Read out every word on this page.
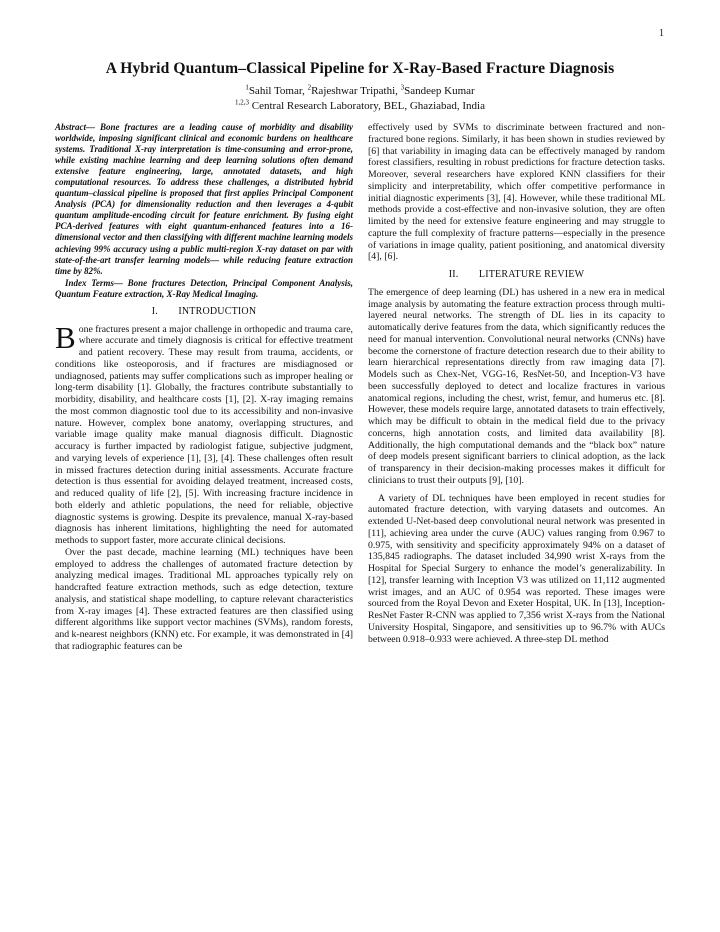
1
A Hybrid Quantum–Classical Pipeline for X-Ray-Based Fracture Diagnosis
$^1$Sahil Tomar, $^2$Rajeshwar Tripathi, $^3$Sandeep Kumar
$^{1,2,3}$ Central Research Laboratory, BEL, Ghaziabad, India

Abstract— Bone fractures are a leading cause of morbidity and disability worldwide, imposing significant clinical and economic burdens on healthcare systems. Traditional X-ray interpretation is time-consuming and error-prone, while existing machine learning and deep learning solutions often demand extensive feature engineering, large, annotated datasets, and high computational resources. To address these challenges, a distributed hybrid quantum–classical pipeline is proposed that first applies Principal Component Analysis (PCA) for dimensionality reduction and then leverages a 4-qubit quantum amplitude-encoding circuit for feature enrichment. By fusing eight PCA-derived features with eight quantum-enhanced features into a 16-dimensional vector and then classifying with different machine learning models achieving 99% accuracy using a public multi-region X-ray dataset on par with state-of-the-art transfer learning models— while reducing feature extraction time by 82%.

Index Terms— Bone fractures Detection, Principal Component Analysis, Quantum Feature extraction, X-Ray Medical Imaging.

I.  INTRODUCTION

Bone fractures present a major challenge in orthopedic and trauma care, where accurate and timely diagnosis is critical for effective treatment and patient recovery. These may result from trauma, accidents, or conditions like osteoporosis, and if fractures are misdiagnosed or undiagnosed, patients may suffer complications such as improper healing or long-term disability [1]. Globally, the fractures contribute substantially to morbidity, disability, and healthcare costs [1], [2]. X-ray imaging remains the most common diagnostic tool due to its accessibility and non-invasive nature. However, complex bone anatomy, overlapping structures, and variable image quality make manual diagnosis difficult. Diagnostic accuracy is further impacted by radiologist fatigue, subjective judgment, and varying levels of experience [1], [3], [4]. These challenges often result in missed fractures detection during initial assessments. Accurate fracture detection is thus essential for avoiding delayed treatment, increased costs, and reduced quality of life [2], [5]. With increasing fracture incidence in both elderly and athletic populations, the need for reliable, objective diagnostic systems is growing. Despite its prevalence, manual X-ray-based diagnosis has inherent limitations, highlighting the need for automated methods to support faster, more accurate clinical decisions.

Over the past decade, machine learning (ML) techniques have been employed to address the challenges of automated fracture detection by analyzing medical images. Traditional ML approaches typically rely on handcrafted feature extraction methods, such as edge detection, texture analysis, and statistical shape modelling, to capture relevant characteristics from X-ray images [4]. These extracted features are then classified using different algorithms like support vector machines (SVMs), random forests, and k-nearest neighbors (KNN) etc. For example, it was demonstrated in [4] that radiographic features can be

effectively used by SVMs to discriminate between fractured and non-fractured bone regions. Similarly, it has been shown in studies reviewed by [6] that variability in imaging data can be effectively managed by random forest classifiers, resulting in robust predictions for fracture detection tasks. Moreover, several researchers have explored KNN classifiers for their simplicity and interpretability, which offer competitive performance in initial diagnostic experiments [3], [4]. However, while these traditional ML methods provide a cost-effective and non-invasive solution, they are often limited by the need for extensive feature engineering and may struggle to capture the full complexity of fracture patterns—especially in the presence of variations in image quality, patient positioning, and anatomical diversity [4], [6].

II.  LITERATURE REVIEW

The emergence of deep learning (DL) has ushered in a new era in medical image analysis by automating the feature extraction process through multi-layered neural networks. The strength of DL lies in its capacity to automatically derive features from the data, which significantly reduces the need for manual intervention. Convolutional neural networks (CNNs) have become the cornerstone of fracture detection research due to their ability to learn hierarchical representations directly from raw imaging data [7]. Models such as Chex-Net, VGG-16, ResNet-50, and Inception-V3 have been successfully deployed to detect and localize fractures in various anatomical regions, including the chest, wrist, femur, and humerus etc. [8]. However, these models require large, annotated datasets to train effectively, which may be difficult to obtain in the medical field due to the privacy concerns, high annotation costs, and limited data availability [8]. Additionally, the high computational demands and the “black box” nature of deep models present significant barriers to clinical adoption, as the lack of transparency in their decision-making processes makes it difficult for clinicians to trust their outputs [9], [10].

A variety of DL techniques have been employed in recent studies for automated fracture detection, with varying datasets and outcomes. An extended U-Net-based deep convolutional neural network was presented in [11], achieving area under the curve (AUC) values ranging from 0.967 to 0.975, with sensitivity and specificity approximately 94% on a dataset of 135,845 radiographs. The dataset included 34,990 wrist X-rays from the Hospital for Special Surgery to enhance the model’s generalizability. In [12], transfer learning with Inception V3 was utilized on 11,112 augmented wrist images, and an AUC of 0.954 was reported. These images were sourced from the Royal Devon and Exeter Hospital, UK. In [13], Inception-ResNet Faster R-CNN was applied to 7,356 wrist X-rays from the National University Hospital, Singapore, and sensitivities up to 96.7% with AUCs between 0.918–0.933 were achieved. A three-step DL method
